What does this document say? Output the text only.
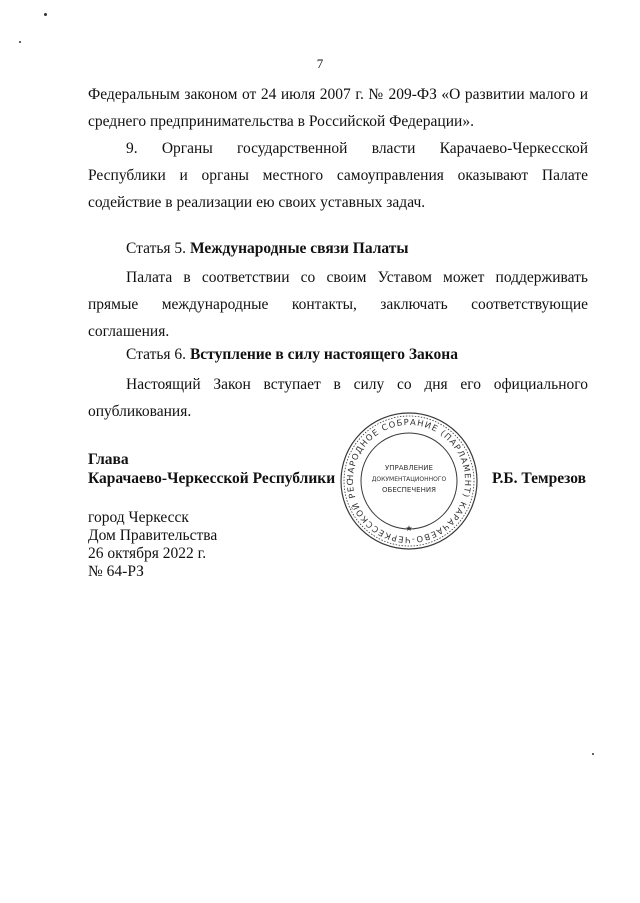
7
Федеральным законом от 24 июля 2007 г. № 209-ФЗ «О развитии малого и среднего предпринимательства в Российской Федерации».
9. Органы государственной власти Карачаево-Черкесской Республики и органы местного самоуправления оказывают Палате содействие в реализации ею своих уставных задач.
Статья 5. Международные связи Палаты
Палата в соответствии со своим Уставом может поддерживать прямые международные контакты, заключать соответствующие соглашения.
Статья 6. Вступление в силу настоящего Закона
Настоящий Закон вступает в силу со дня его официального опубликования.
Глава
Карачаево-Черкесской Республики	Р.Б. Темрезов
город Черкесск
Дом Правительства
26 октября 2022 г.
№ 64-РЗ
НАРОДНОЕ СОБРАНИЕ (ПАРЛАМЕНТ) КАРАЧАЕВО-ЧЕРКЕССКОЙ РЕС
УПРАВЛЕНИЕ
ДОКУМЕНТАЦИОННОГО
ОБЕСПЕЧЕНИЯ
★
